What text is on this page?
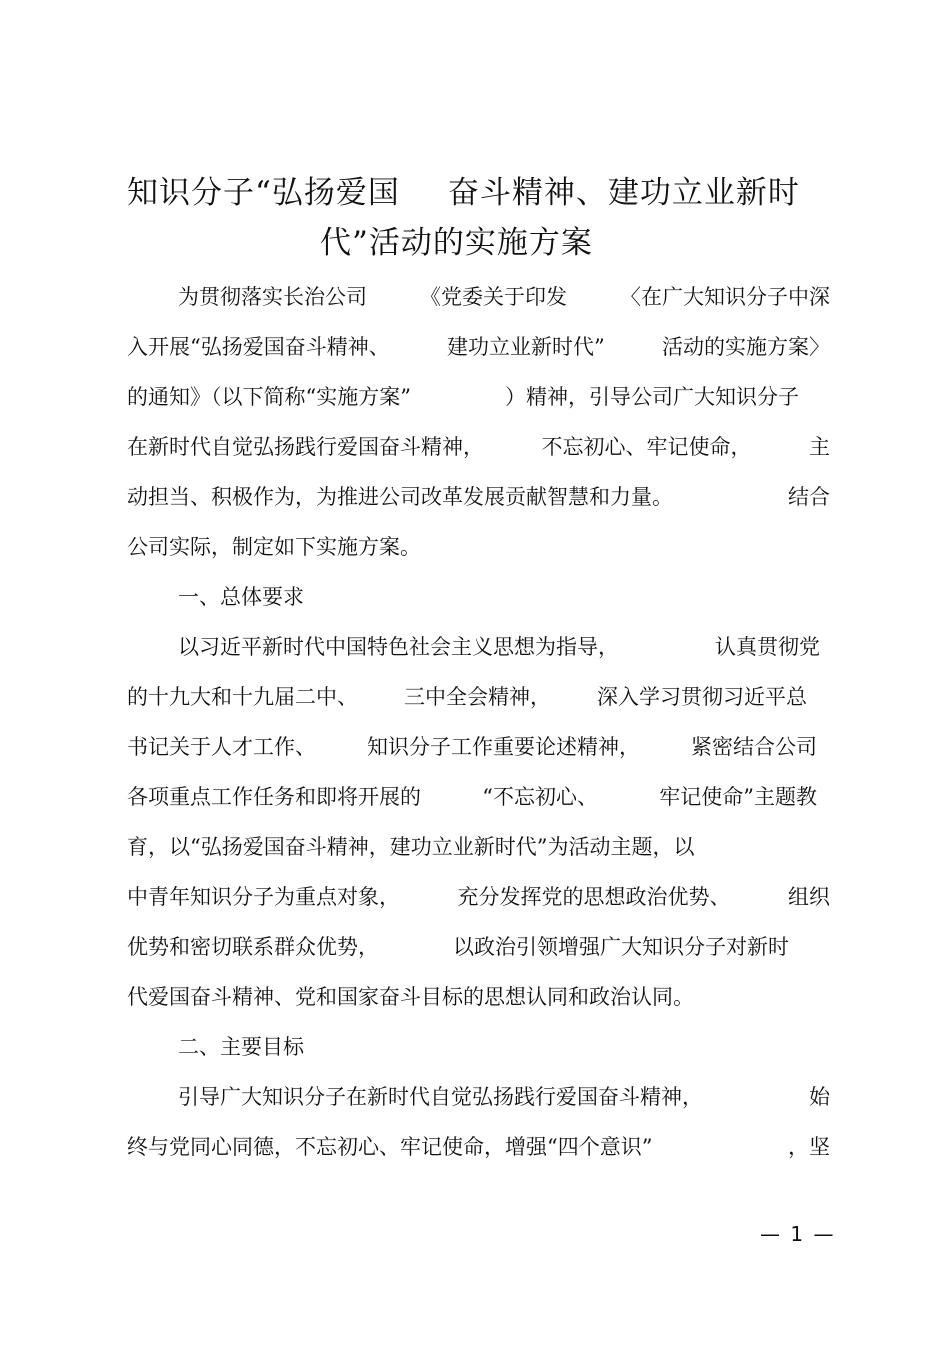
知识分子“弘扬爱国 奋斗精神、建功立业新时
代”活动的实施方案
为贯彻落实长治公司	《党委关于印发	〈在广大知识分子中深
入开展“弘扬爱国奋斗精神、	建功立业新时代”	活动的实施方案〉
的通知》（以下简称“实施方案”	）精神，引导公司广大知识分子
在新时代自觉弘扬践行爱国奋斗精神，	不忘初心、牢记使命，	主
动担当、积极作为，为推进公司改革发展贡献智慧和力量。	结合
公司实际，制定如下实施方案。
一、总体要求
以习近平新时代中国特色社会主义思想为指导，	认真贯彻党
的十九大和十九届二中、 三中全会精神， 深入学习贯彻习近平总
书记关于人才工作、 知识分子工作重要论述精神， 紧密结合公司
各项重点工作任务和即将开展的	“不忘初心、	牢记使命”主题教
育，以“弘扬爱国奋斗精神，建功立业新时代”为活动主题，以
中青年知识分子为重点对象，	充分发挥党的思想政治优势、	组织
优势和密切联系群众优势，	以政治引领增强广大知识分子对新时
代爱国奋斗精神、党和国家奋斗目标的思想认同和政治认同。
二、主要目标
引导广大知识分子在新时代自觉弘扬践行爱国奋斗精神，	始
终与党同心同德，不忘初心、牢记使命，增强“四个意识”	，坚
— 1 —
